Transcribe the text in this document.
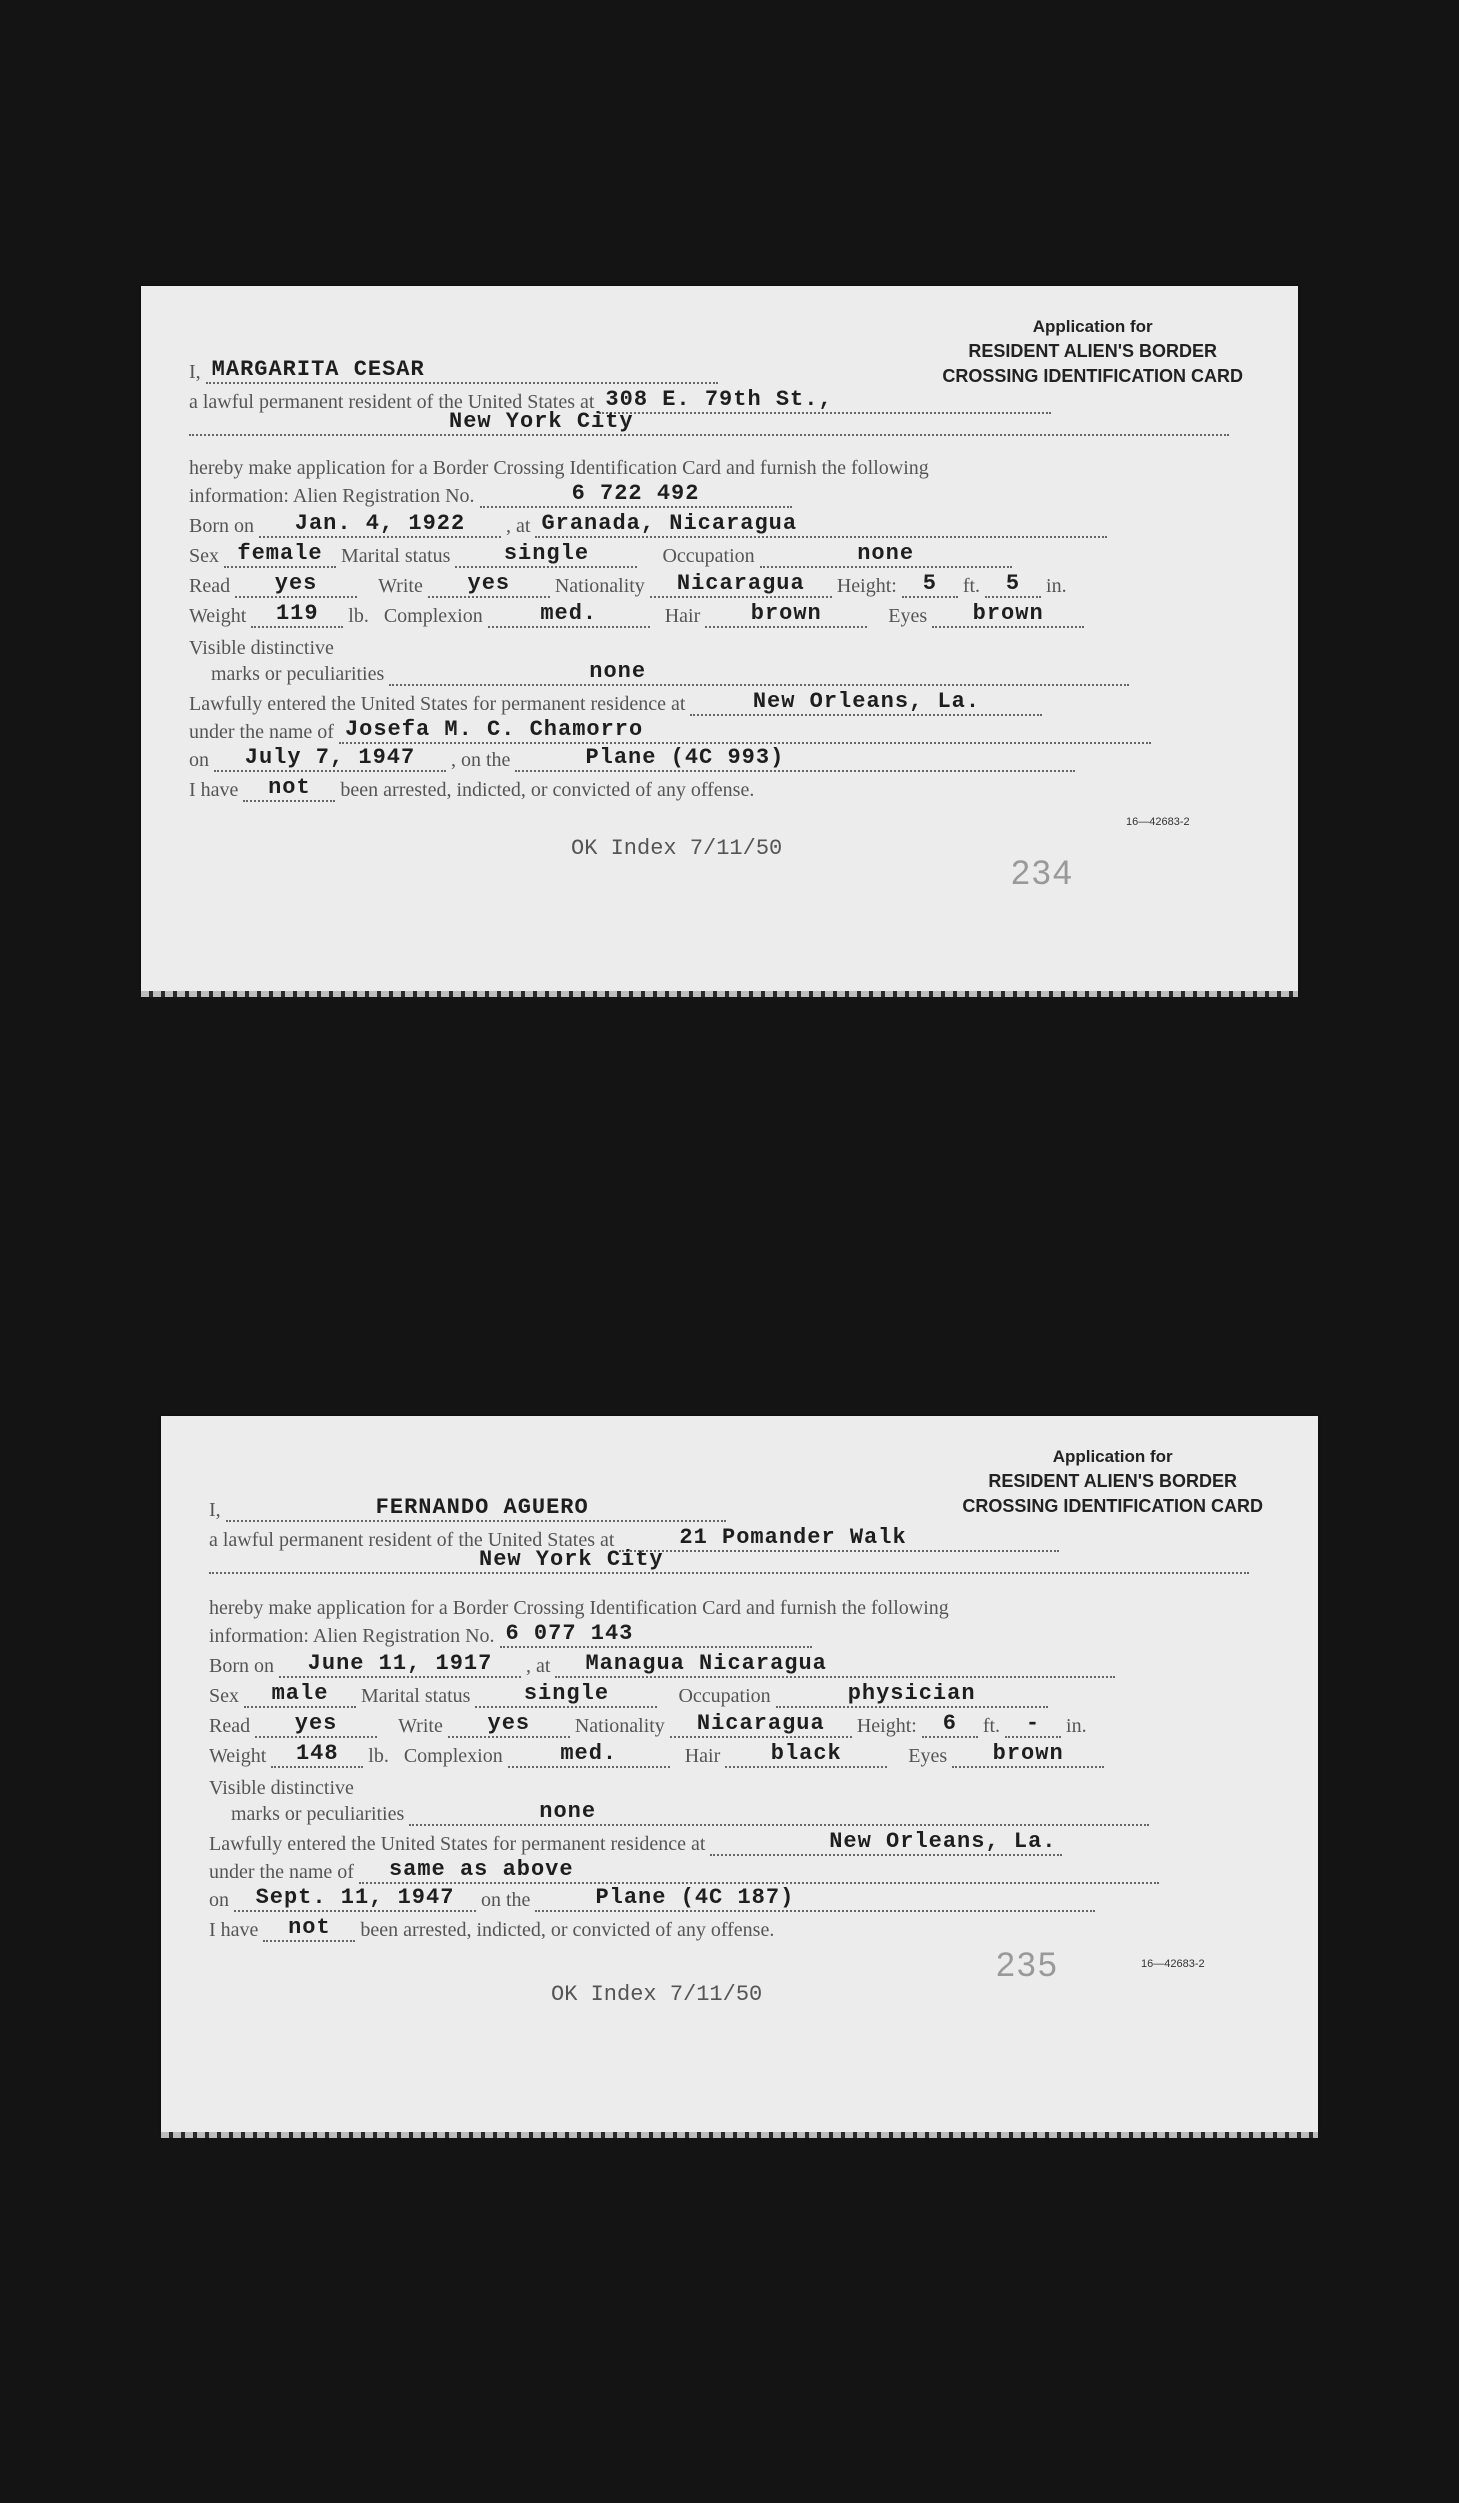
Application for
RESIDENT ALIEN'S BORDER
CROSSING IDENTIFICATION CARD
I, MARGARITA CESAR
a lawful permanent resident of the United States at 308 E. 79th St.,
New York City
hereby make application for a Border Crossing Identification Card and furnish the following
information: Alien Registration No.	6 722 492
Born on Jan. 4, 1922 , at Granada, Nicaragua
Sex female Marital status single	Occupation	none
Read yes	Write yes Nationality Nicaragua Height: 5 ft. 5 in.
Weight 119 lb. Complexion	med.	Hair brown	Eyes brown
Visible distinctive
marks or peculiarities	none
Lawfully entered the United States for permanent residence at	New Orleans, La.
under the name of Josefa M. C. Chamorro
on July 7, 1947 , on the	Plane (4C 993)
I have not been arrested, indicted, or convicted of any offense.
16—42683-2
OK Index 7/11/50
234
Application for
RESIDENT ALIEN'S BORDER
CROSSING IDENTIFICATION CARD
I,	FERNANDO AGUERO
a lawful permanent resident of the United States at	21 Pomander Walk
New York City
hereby make application for a Border Crossing Identification Card and furnish the following
information: Alien Registration No. 6 077 143
Born on June 11, 1917 , at Managua Nicaragua
Sex male Marital status single	Occupation	physician
Read yes	Write yes Nationality Nicaragua Height: 6 ft. - in.
Weight 148 lb. Complexion	med.	Hair black	Eyes brown
Visible distinctive
marks or peculiarities	none
Lawfully entered the United States for permanent residence at	New Orleans, La.
under the name of same as above
on Sept. 11, 1947 on the	Plane (4C 187)
I have not been arrested, indicted, or convicted of any offense.
235	16—42683-2
OK Index 7/11/50
